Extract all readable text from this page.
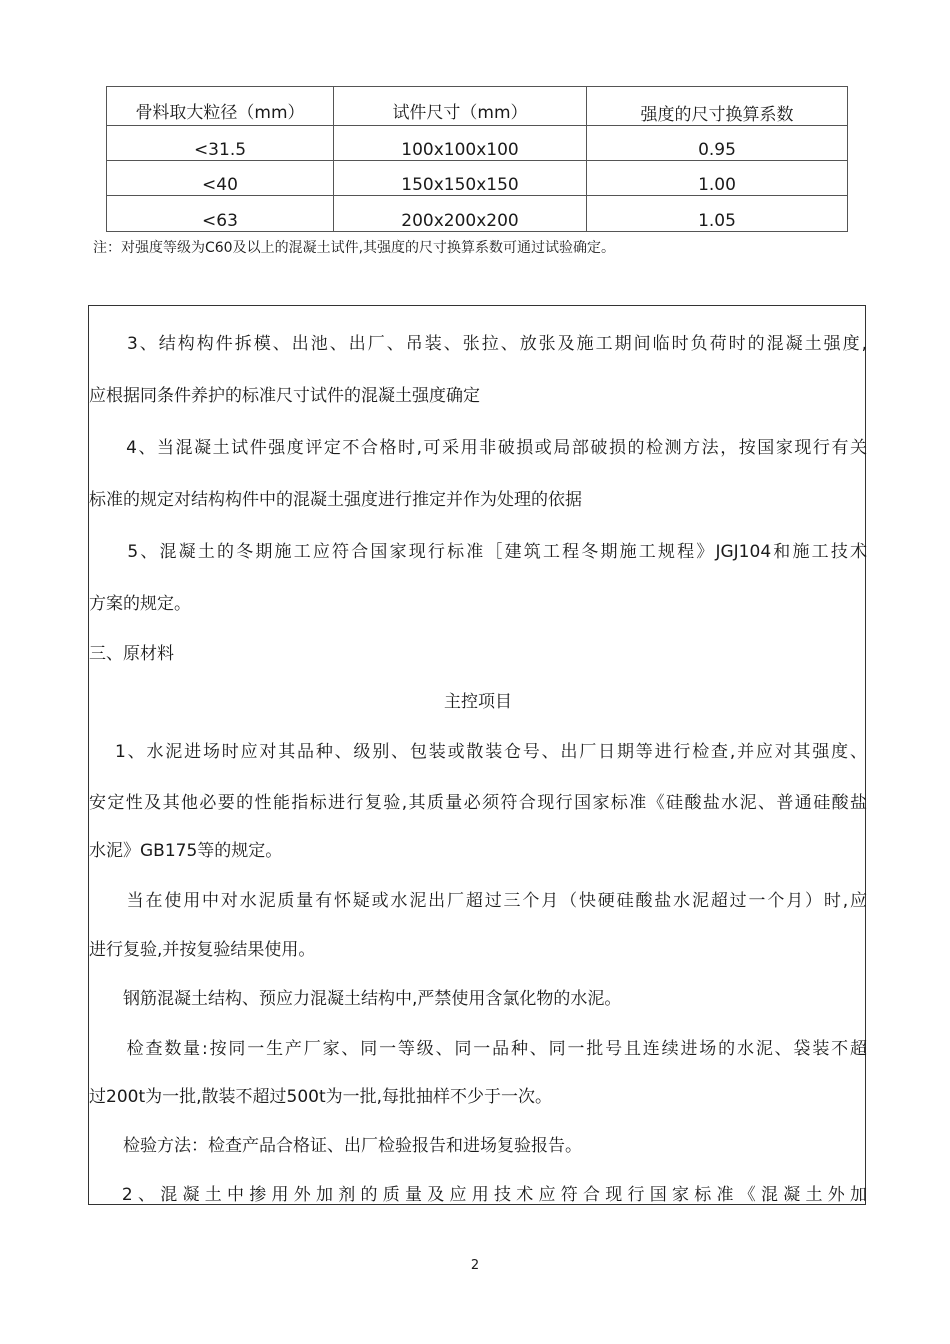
骨料取大粒径（mm）	试件尺寸（mm）	强度的尺寸换算系数
<31.5	100x100x100	0.95
<40	150x150x150	1.00
<63	200x200x200	1.05
注：对强度等级为C60及以上的混凝土试件,其强度的尺寸换算系数可通过试验确定。
　　3、结构构件拆模、出池、出厂、吊装、张拉、放张及施工期间临时负荷时的混凝土强度,
应根据同条件养护的标准尺寸试件的混凝土强度确定
　　4、当混凝土试件强度评定不合格时,可采用非破损或局部破损的检测方法，按国家现行有关
标准的规定对结构构件中的混凝土强度进行推定并作为处理的依据
　　5、混凝土的冬期施工应符合国家现行标准［建筑工程冬期施工规程》JGJ104和施工技术
方案的规定。
三、原材料
主控项目
　 1、水泥进场时应对其品种、级别、包装或散装仓号、出厂日期等进行检查,并应对其强度、
安定性及其他必要的性能指标进行复验,其质量必须符合现行国家标准《硅酸盐水泥、普通硅酸盐
水泥》GB175等的规定。
　　当在使用中对水泥质量有怀疑或水泥出厂超过三个月（快硬硅酸盐水泥超过一个月）时,应
进行复验,并按复验结果使用。
　　钢筋混凝土结构、预应力混凝土结构中,严禁使用含氯化物的水泥。
　　检查数量:按同一生产厂家、同一等级、同一品种、同一批号且连续进场的水泥、袋装不超
过200t为一批,散装不超过500t为一批,每批抽样不少于一次。
　　检验方法：检查产品合格证、出厂检验报告和进场复验报告。
　 2、混凝土中掺用外加剂的质量及应用技术应符合现行国家标准《混凝土外加
2
